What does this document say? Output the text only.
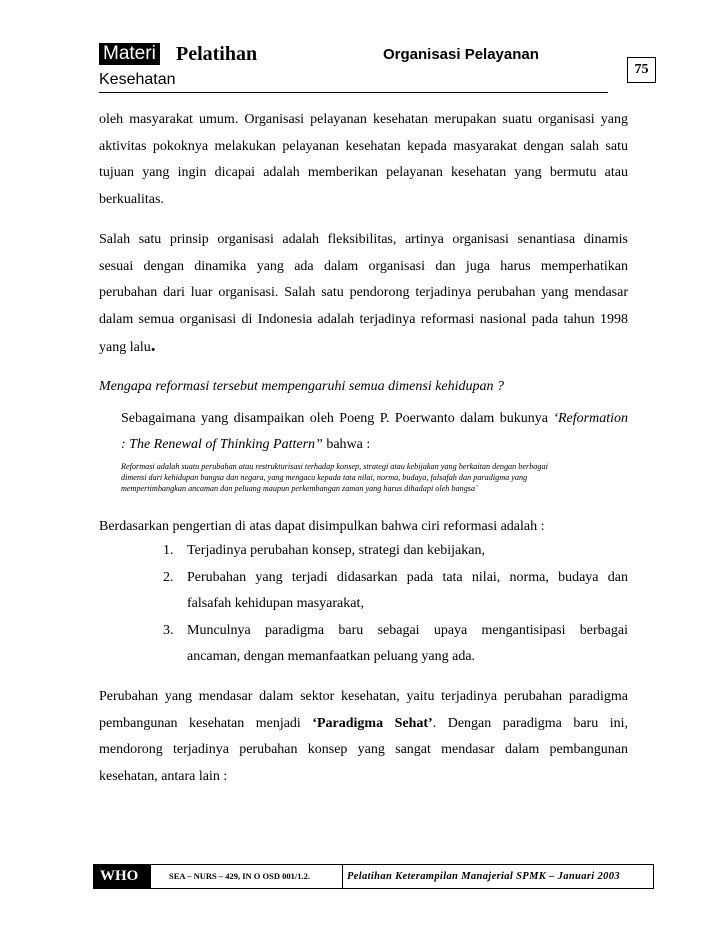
Materi Pelatihan	Organisasi Pelayanan
Kesehatan
75
oleh masyarakat umum. Organisasi pelayanan kesehatan merupakan suatu organisasi yang
aktivitas pokoknya melakukan pelayanan kesehatan kepada masyarakat dengan salah satu
tujuan yang ingin dicapai adalah memberikan pelayanan kesehatan yang bermutu atau
berkualitas.
Salah satu prinsip organisasi adalah fleksibilitas, artinya organisasi senantiasa dinamis
sesuai dengan dinamika yang ada dalam organisasi dan juga harus memperhatikan
perubahan dari luar organisasi. Salah satu pendorong terjadinya perubahan yang mendasar
dalam semua organisasi di Indonesia adalah terjadinya reformasi nasional pada tahun 1998
yang lalu.
Mengapa reformasi tersebut mempengaruhi semua dimensi kehidupan ?
Sebagaimana yang disampaikan oleh Poeng P. Poerwanto dalam bukunya ‘Reformation
: The Renewal of Thinking Pattern” bahwa :
Reformasi adalah suatu perubahan atau restrukturisasi terhadap konsep, strategi atau kebijakan yang berkaitan dengan berbagai
dimensi dari kehidupan bangsa dan negara, yang mengacu kepada tata nilai, norma, budaya, falsafah dan paradigma yang
mempertimbangkan ancaman dan peluang maupun perkembangan zaman yang harus dihadapi oleh bangsa`
Berdasarkan pengertian di atas dapat disimpulkan bahwa ciri reformasi adalah :
1. Terjadinya perubahan konsep, strategi dan kebijakan,
2. Perubahan yang terjadi didasarkan pada tata nilai, norma, budaya dan
falsafah kehidupan masyarakat,
3. Munculnya paradigma baru sebagai upaya mengantisipasi berbagai
ancaman, dengan memanfaatkan peluang yang ada.
Perubahan yang mendasar dalam sektor kesehatan, yaitu terjadinya perubahan paradigma
pembangunan kesehatan menjadi ‘Paradigma Sehat’. Dengan paradigma baru ini,
mendorong terjadinya perubahan konsep yang sangat mendasar dalam pembangunan
kesehatan, antara lain :
WHO	SEA – NURS – 429, IN O OSD 001/1.2.	Pelatihan Keterampilan Manajerial SPMK – Januari 2003
